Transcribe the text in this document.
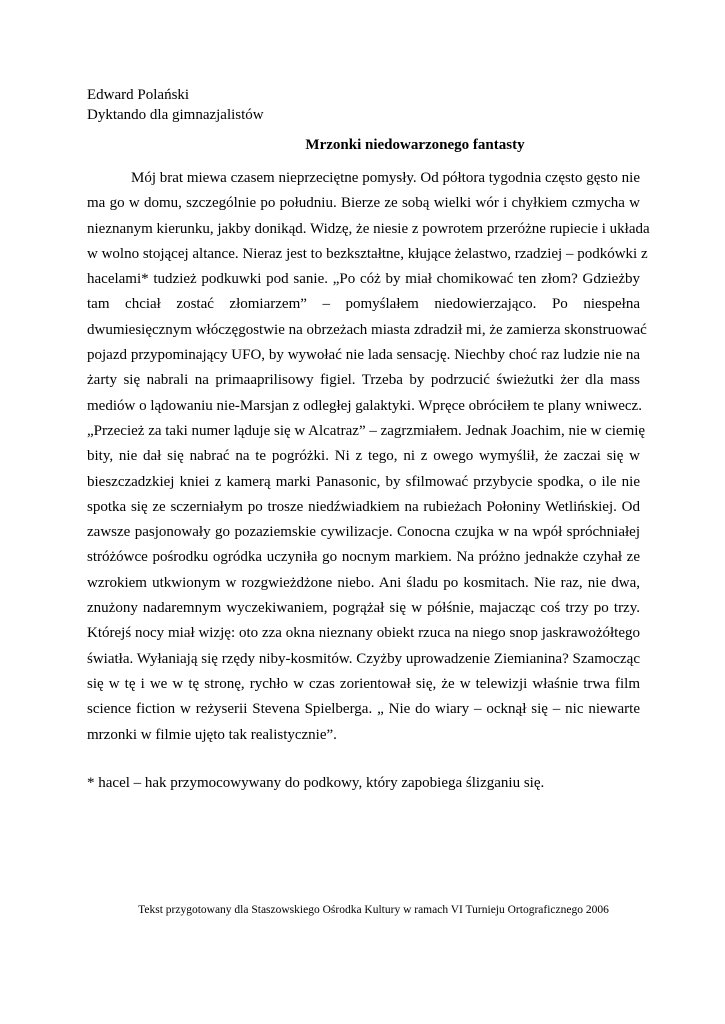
Edward Polański
Dyktando dla gimnazjalistów
Mrzonki niedowarzonego fantasty
Mój brat miewa czasem nieprzeciętne pomysły. Od półtora tygodnia często gęsto nie
ma go w domu, szczególnie po południu. Bierze ze sobą wielki wór i chyłkiem czmycha w
nieznanym kierunku, jakby donikąd. Widzę, że niesie z powrotem przeróżne rupiecie i układa
w wolno stojącej altance. Nieraz jest to bezkształtne, kłujące żelastwo, rzadziej – podkówki z
hacelami* tudzież podkuwki pod sanie. „Po cóż by miał chomikować ten złom? Gdzieżby
tam chciał zostać złomiarzem” – pomyślałem niedowierzająco. Po niespełna
dwumiesięcznym włóczęgostwie na obrzeżach miasta zdradził mi, że zamierza skonstruować
pojazd przypominający UFO, by wywołać nie lada sensację. Niechby choć raz ludzie nie na
żarty się nabrali na primaaprilisowy figiel. Trzeba by podrzucić świeżutki żer dla mass
mediów o lądowaniu nie-Marsjan z odległej galaktyki. Wpręce obróciłem te plany wniwecz.
„Przecież za taki numer ląduje się w Alcatraz” – zagrzmiałem. Jednak Joachim, nie w ciemię
bity, nie dał się nabrać na te pogróżki. Ni z tego, ni z owego wymyślił, że zaczai się w
bieszczadzkiej kniei z kamerą marki Panasonic, by sfilmować przybycie spodka, o ile nie
spotka się ze sczerniałym po trosze niedźwiadkiem na rubieżach Połoniny Wetlińskiej. Od
zawsze pasjonowały go pozaziemskie cywilizacje. Conocna czujka w na wpół spróchniałej
stróżówce pośrodku ogródka uczyniła go nocnym markiem. Na próżno jednakże czyhał ze
wzrokiem utkwionym w rozgwieżdżone niebo. Ani śladu po kosmitach. Nie raz, nie dwa,
znużony nadaremnym wyczekiwaniem, pogrążał się w półśnie, majacząc coś trzy po trzy.
Którejś nocy miał wizję: oto zza okna nieznany obiekt rzuca na niego snop jaskrawożółtego
światła. Wyłaniają się rzędy niby-kosmitów. Czyżby uprowadzenie Ziemianina? Szamocząc
się w tę i we w tę stronę, rychło w czas zorientował się, że w telewizji właśnie trwa film
science fiction w reżyserii Stevena Spielberga. „ Nie do wiary – ocknął się – nic niewarte
mrzonki w filmie ujęto tak realistycznie”.
* hacel – hak przymocowywany do podkowy, który zapobiega ślizganiu się.
Tekst przygotowany dla Staszowskiego Ośrodka Kultury w ramach VI Turnieju Ortograficznego 2006
